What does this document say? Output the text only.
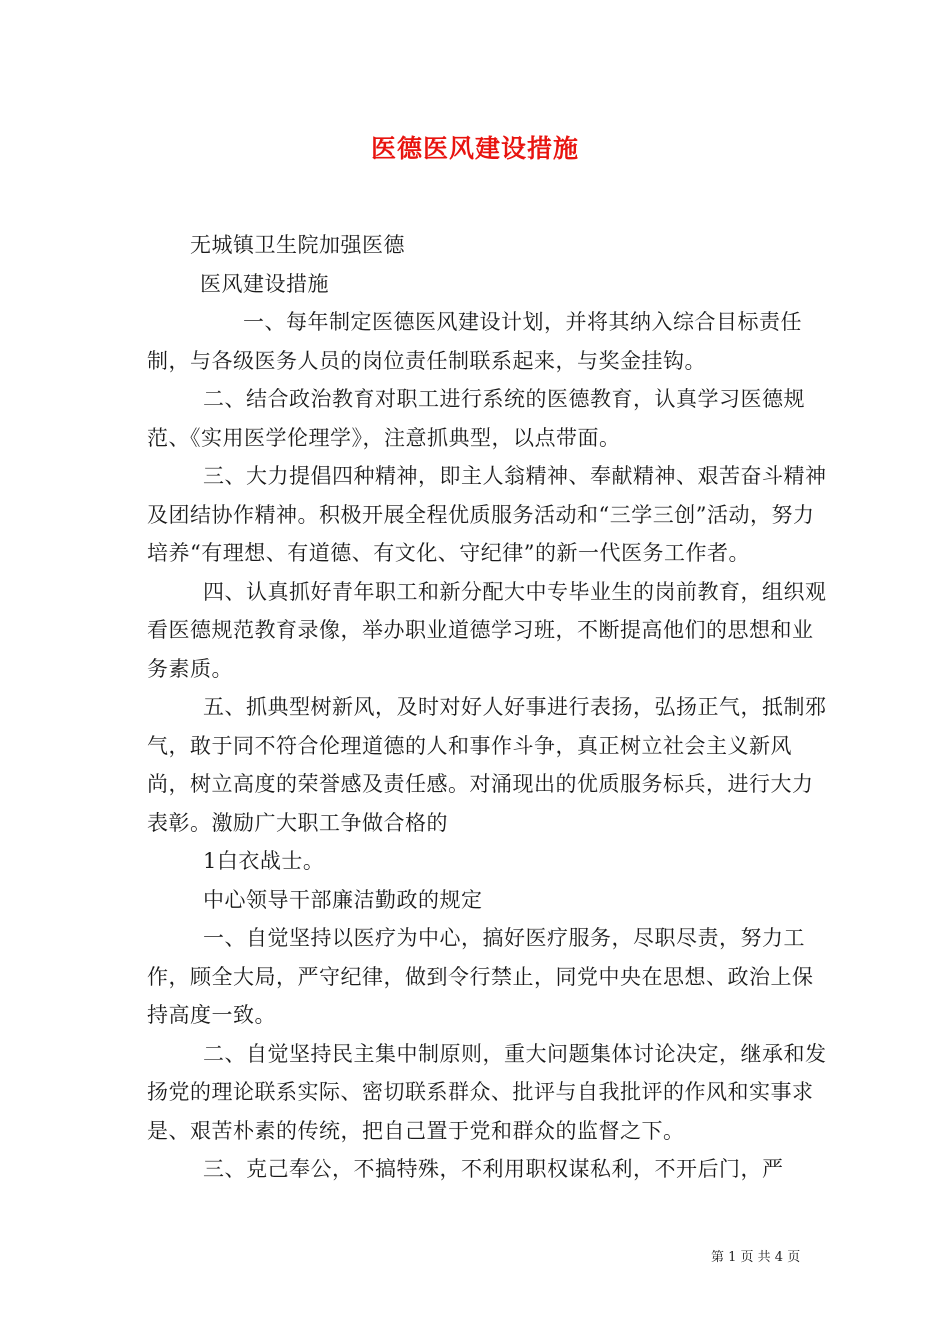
医德医风建设措施

无城镇卫生院加强医德

医风建设措施

一、每年制定医德医风建设计划，并将其纳入综合目标责任制，与各级医务人员的岗位责任制联系起来，与奖金挂钩。

二、结合政治教育对职工进行系统的医德教育，认真学习医德规范、《实用医学伦理学》，注意抓典型，以点带面。

三、大力提倡四种精神，即主人翁精神、奉献精神、艰苦奋斗精神及团结协作精神。积极开展全程优质服务活动和“三学三创”活动，努力培养“有理想、有道德、有文化、守纪律”的新一代医务工作者。

四、认真抓好青年职工和新分配大中专毕业生的岗前教育，组织观看医德规范教育录像，举办职业道德学习班，不断提高他们的思想和业务素质。

五、抓典型树新风，及时对好人好事进行表扬，弘扬正气，抵制邪气，敢于同不符合伦理道德的人和事作斗争，真正树立社会主义新风尚，树立高度的荣誉感及责任感。对涌现出的优质服务标兵，进行大力表彰。激励广大职工争做合格的

1白衣战士。

中心领导干部廉洁勤政的规定

一、自觉坚持以医疗为中心，搞好医疗服务，尽职尽责，努力工作，顾全大局，严守纪律，做到令行禁止，同党中央在思想、政治上保持高度一致。

二、自觉坚持民主集中制原则，重大问题集体讨论决定，继承和发扬党的理论联系实际、密切联系群众、批评与自我批评的作风和实事求是、艰苦朴素的传统，把自己置于党和群众的监督之下。

三、克己奉公，不搞特殊，不利用职权谋私利，不开后门，严

第 1 页 共 4 页
